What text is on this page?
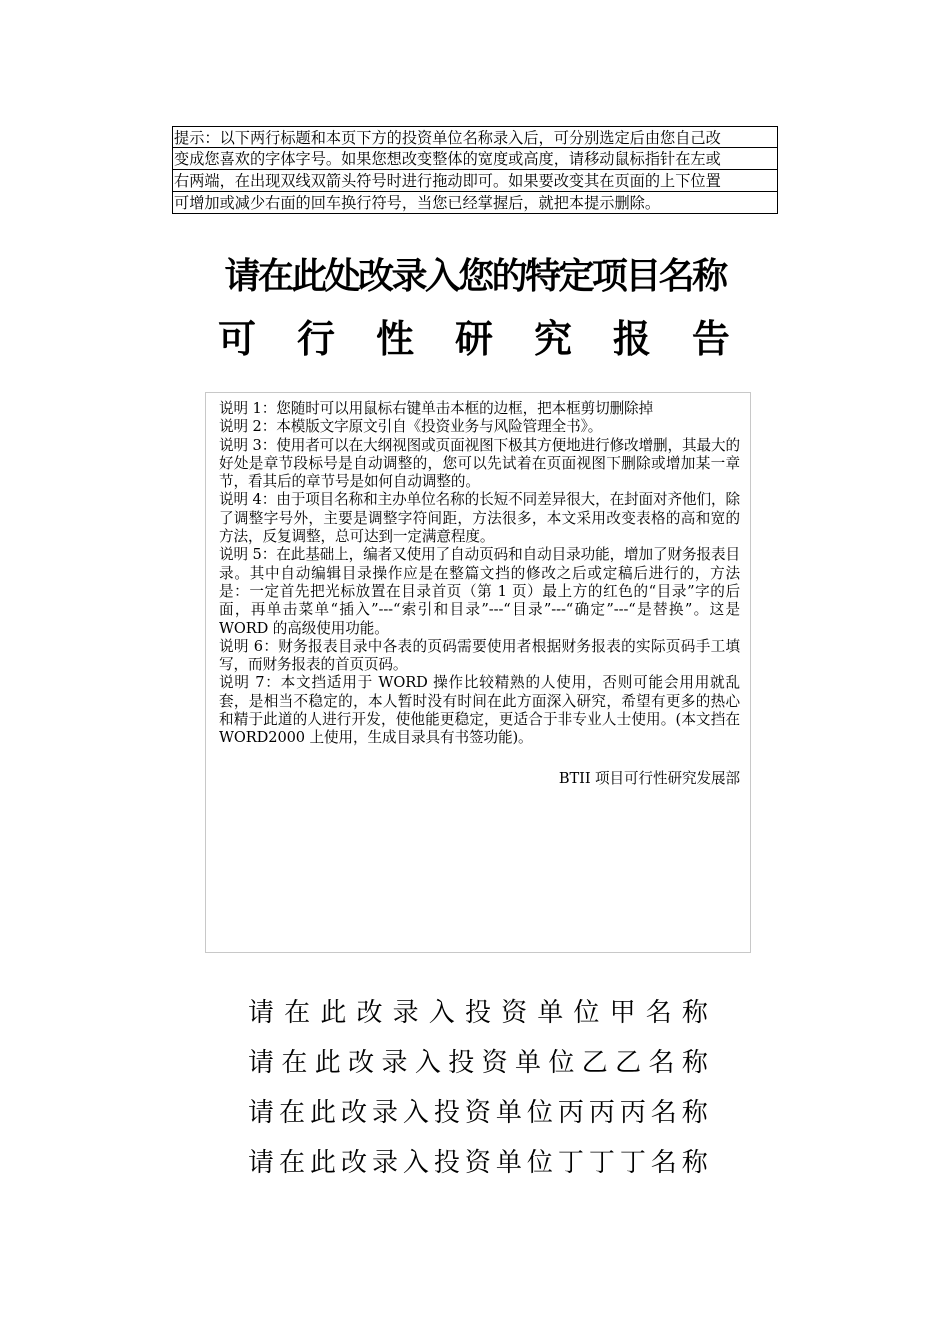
提示：以下两行标题和本页下方的投资单位名称录入后，可分别选定后由您自己改
变成您喜欢的字体字号。如果您想改变整体的宽度或高度，请移动鼠标指针在左或
右两端，在出现双线双箭头符号时进行拖动即可。如果要改变其在页面的上下位置
可增加或减少右面的回车换行符号，当您已经掌握后，就把本提示删除。
请在此处改录入您的特定项目名称
可 行 性 研 究 报 告

说明 1：您随时可以用鼠标右键单击本框的边框，把本框剪切删除掉

说明 2：本模版文字原文引自《投资业务与风险管理全书》。

说明 3：使用者可以在大纲视图或页面视图下极其方便地进行修改增删，其最大的好处是章节段标号是自动调整的，您可以先试着在页面视图下删除或增加某一章节，看其后的章节号是如何自动调整的。

说明 4：由于项目名称和主办单位名称的长短不同差异很大，在封面对齐他们，除了调整字号外，主要是调整字符间距，方法很多，本文采用改变表格的高和宽的方法，反复调整，总可达到一定满意程度。

说明 5：在此基础上，编者又使用了自动页码和自动目录功能，增加了财务报表目录。其中自动编辑目录操作应是在整篇文挡的修改之后或定稿后进行的，方法是：一定首先把光标放置在目录首页（第 1 页）最上方的红色的“目录”字的后面，再单击菜单“插入”---“索引和目录”---“目录”---“确定”---“是替换”。这是 WORD 的高级使用功能。

说明 6：财务报表目录中各表的页码需要使用者根据财务报表的实际页码手工填写，而财务报表的首页页码。

说明 7：本文挡适用于 WORD 操作比较精熟的人使用，否则可能会用用就乱套，是相当不稳定的，本人暂时没有时间在此方面深入研究，希望有更多的热心和精于此道的人进行开发，使他能更稳定，更适合于非专业人士使用。(本文挡在 WORD2000 上使用，生成目录具有书签功能)。

BTII 项目可行性研究发展部

请 在 此 改 录 入 投 资 单 位 甲 名 称
请 在 此 改 录 入 投 资 单 位 乙 乙 名 称
请 在 此 改 录 入 投 资 单 位 丙 丙 丙 名 称
请 在 此 改 录 入 投 资 单 位 丁 丁 丁 名 称
